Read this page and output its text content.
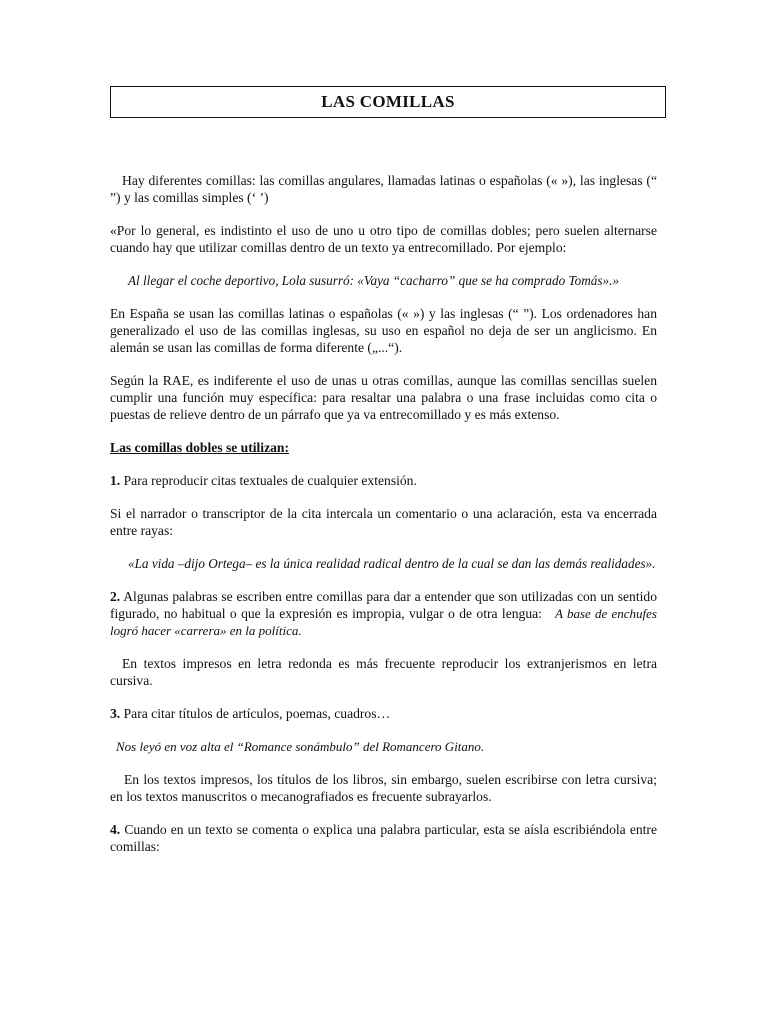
LAS COMILLAS

Hay diferentes comillas: las comillas angulares, llamadas latinas o españolas (« »), las inglesas (“ ”) y las comillas simples (‘ ’)

«Por lo general, es indistinto el uso de uno u otro tipo de comillas dobles; pero suelen alternarse cuando hay que utilizar comillas dentro de un texto ya entrecomillado. Por ejemplo:

Al llegar el coche deportivo, Lola susurró: «Vaya “cacharro” que se ha comprado Tomás».»

En España se usan las comillas latinas o españolas (« ») y las inglesas (“ ”). Los ordenadores han generalizado el uso de las comillas inglesas, su uso en español no deja de ser un anglicismo. En alemán se usan las comillas de forma diferente („...“).

Según la RAE, es indiferente el uso de unas u otras comillas, aunque las comillas sencillas suelen cumplir una función muy específica: para resaltar una palabra o una frase incluidas como cita o puestas de relieve dentro de un párrafo que ya va entrecomillado y es más extenso.

Las comillas dobles se utilizan:

1. Para reproducir citas textuales de cualquier extensión.

Si el narrador o transcriptor de la cita intercala un comentario o una aclaración, esta va encerrada entre rayas:

«La vida –dijo Ortega– es la única realidad radical dentro de la cual se dan las demás realidades».

2. Algunas palabras se escriben entre comillas para dar a entender que son utilizadas con un sentido figurado, no habitual o que la expresión es impropia, vulgar o de otra lengua: A base de enchufes logró hacer «carrera» en la política.

En textos impresos en letra redonda es más frecuente reproducir los extranjerismos en letra cursiva.

3. Para citar títulos de artículos, poemas, cuadros…

Nos leyó en voz alta el “Romance sonámbulo” del Romancero Gitano.

En los textos impresos, los títulos de los libros, sin embargo, suelen escribirse con letra cursiva; en los textos manuscritos o mecanografiados es frecuente subrayarlos.

4. Cuando en un texto se comenta o explica una palabra particular, esta se aísla escribiéndola entre comillas:
